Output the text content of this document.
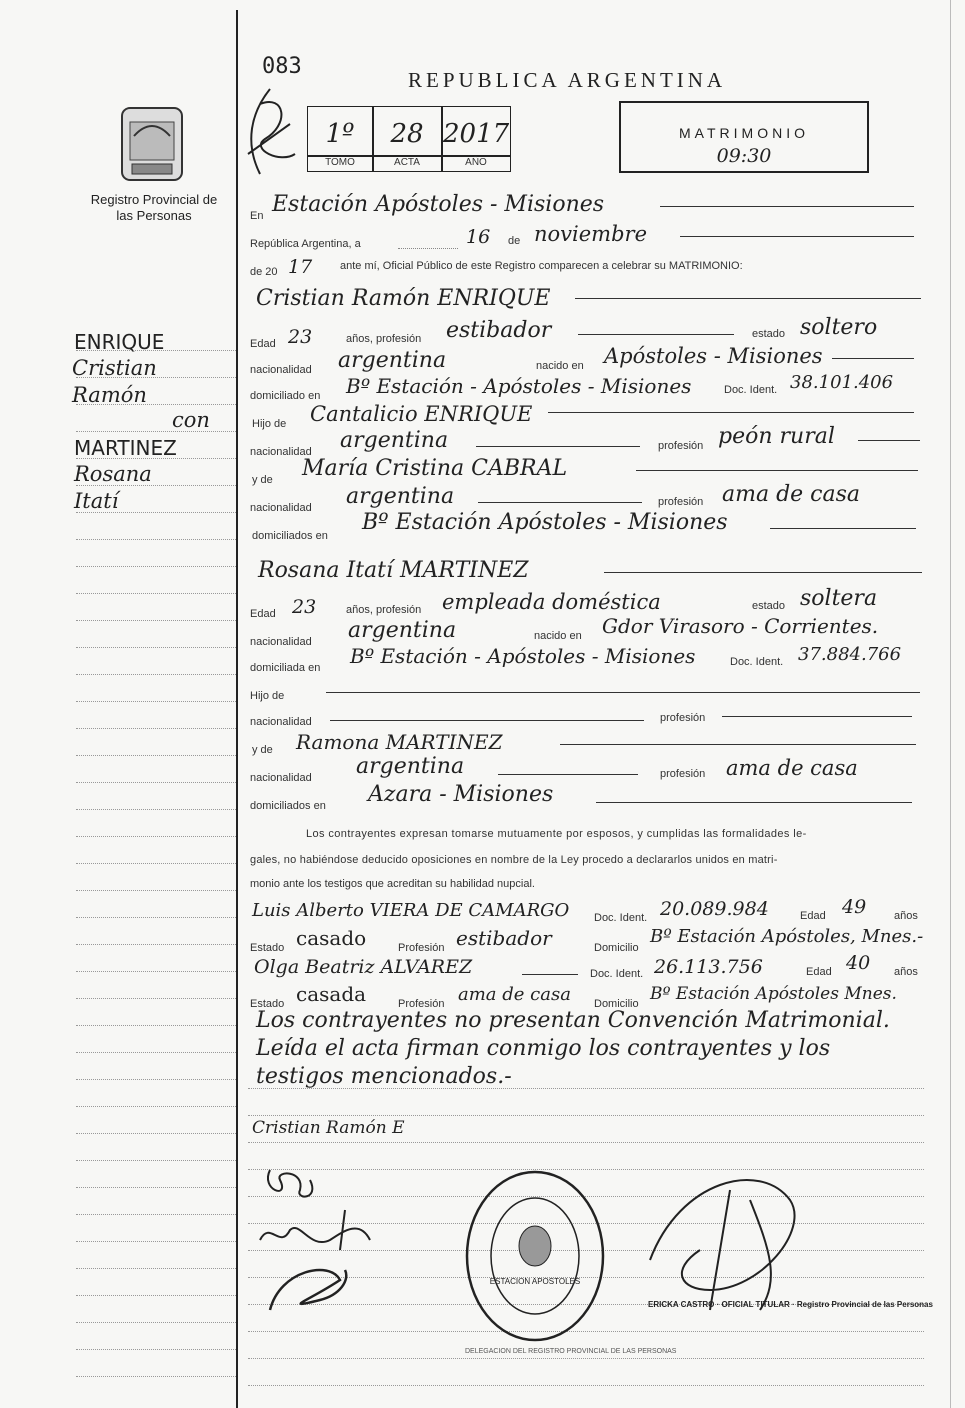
083
REPUBLICA ARGENTINA
Registro Provincial de las Personas
1º	28 2017
TOMO	ACTA	AÑO
MATRIMONIO
09:30
ENRIQUE
Cristian
Ramón
con
MARTINEZ
Rosana
Itatí
En Estación Apóstoles - Misiones
República Argentina, a	16 de noviembre
de 20 17	ante mí, Oficial Público de este Registro comparecen a celebrar su MATRIMONIO:
Cristian Ramón ENRIQUE
Edad 23	años, profesión estibador	estado soltero
nacionalidad argentina	nacido en Apóstoles - Misiones
domiciliado en Bº Estación - Apóstoles - Misiones	Doc. Ident. 38.101.406
Hijo de Cantalicio ENRIQUE
nacionalidad argentina	profesión peón rural
y de María Cristina CABRAL
nacionalidad argentina	profesión ama de casa
domiciliados en
Bº Estación Apóstoles - Misiones
Rosana Itatí MARTINEZ
Edad 23	años, profesión empleada doméstica	estado soltera
nacionalidad argentina	nacido en Gdor Virasoro - Corrientes.
domiciliada en Bº Estación - Apóstoles - Misiones	Doc. Ident. 37.884.766
Hijo de
nacionalidad	profesión
y de Ramona MARTINEZ
nacionalidad argentina	profesión ama de casa
domiciliados en Azara - Misiones
Los contrayentes expresan tomarse mutuamente por esposos, y cumplidas las formalidades le-
gales, no habiéndose deducido oposiciones en nombre de la Ley procedo a declararlos unidos en matri-
monio ante los testigos que acreditan su habilidad nupcial.
Luis Alberto VIERA DE CAMARGO Doc. Ident. 20.089.984	Edad 49	años
Estado casado	Profesión estibador	Domicilio
Bº Estación Apóstoles, Mnes.-
Olga Beatriz ALVAREZ	Doc. Ident. 26.113.756	Edad 40 años
Estado casada	Profesión ama de casa Domicilio Bº Estación Apóstoles Mnes.
Los contrayentes no presentan Convención Matrimonial.
Leída el acta firman conmigo los contrayentes y los
testigos mencionados.-
Cristian Ramón E
ESTACION APOSTOLES
DELEGACION DEL REGISTRO PROVINCIAL DE LAS PERSONAS
ERICKA CASTRO · OFICIAL TITULAR · Registro Provincial de las Personas
